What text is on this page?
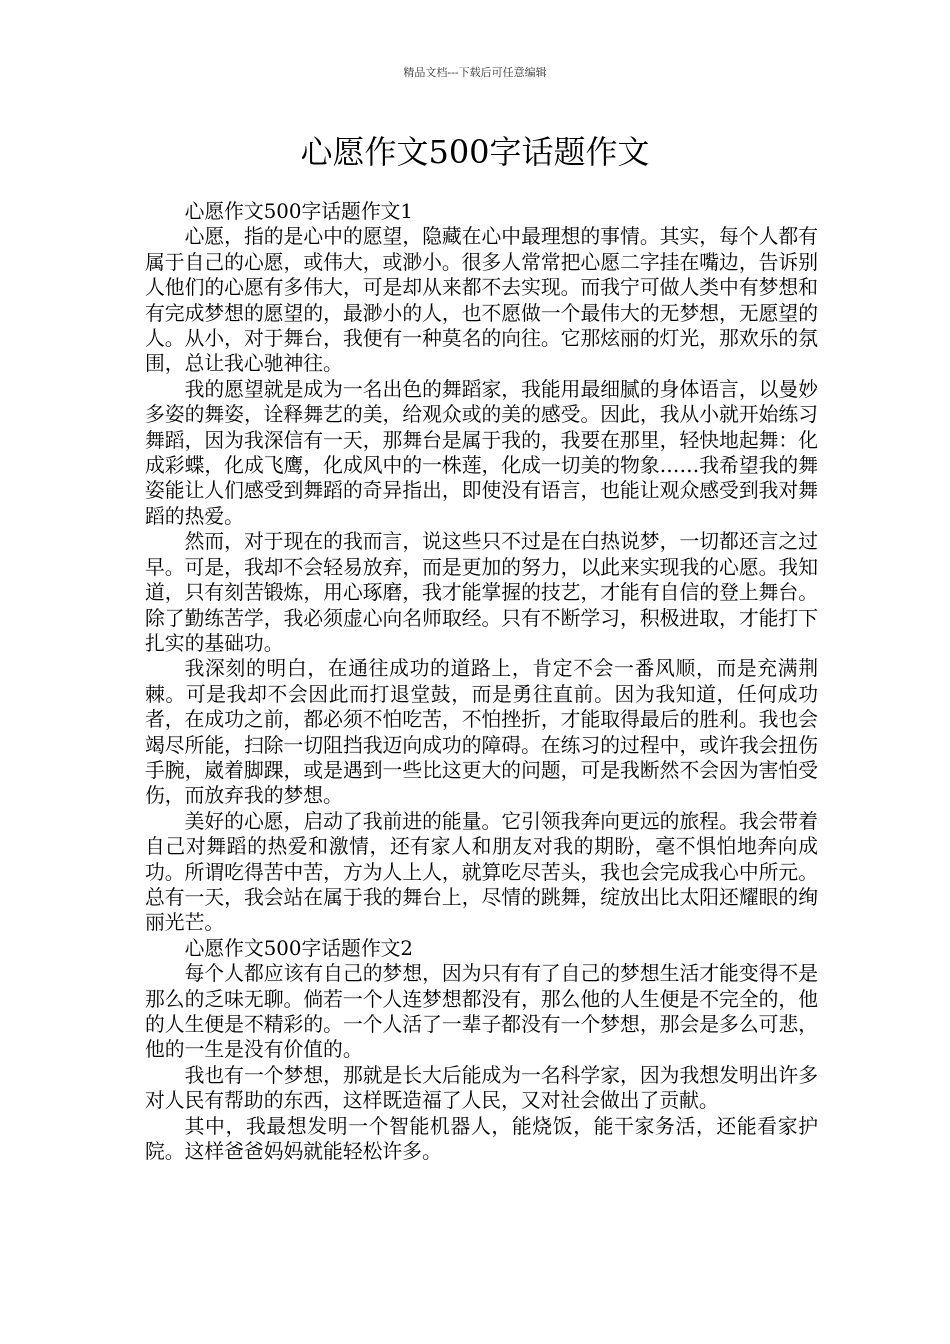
精品文档---下载后可任意编辑
心愿作文500字话题作文

心愿作文500字话题作文1

心愿，指的是心中的愿望，隐藏在心中最理想的事情。其实，每个人都有属于自己的心愿，或伟大，或渺小。很多人常常把心愿二字挂在嘴边，告诉别人他们的心愿有多伟大，可是却从来都不去实现。而我宁可做人类中有梦想和有完成梦想的愿望的，最渺小的人，也不愿做一个最伟大的无梦想，无愿望的人。从小，对于舞台，我便有一种莫名的向往。它那炫丽的灯光，那欢乐的氛围，总让我心驰神往。

我的愿望就是成为一名出色的舞蹈家，我能用最细腻的身体语言，以曼妙多姿的舞姿，诠释舞艺的美，给观众或的美的感受。因此，我从小就开始练习舞蹈，因为我深信有一天，那舞台是属于我的，我要在那里，轻快地起舞：化成彩蝶，化成飞鹰，化成风中的一株莲，化成一切美的物象……我希望我的舞姿能让人们感受到舞蹈的奇异指出，即使没有语言，也能让观众感受到我对舞蹈的热爱。

然而，对于现在的我而言，说这些只不过是在白热说梦，一切都还言之过早。可是，我却不会轻易放弃，而是更加的努力，以此来实现我的心愿。我知道，只有刻苦锻炼，用心琢磨，我才能掌握的技艺，才能有自信的登上舞台。除了勤练苦学，我必须虚心向名师取经。只有不断学习，积极进取，才能打下扎实的基础功。

我深刻的明白，在通往成功的道路上，肯定不会一番风顺，而是充满荆棘。可是我却不会因此而打退堂鼓，而是勇往直前。因为我知道，任何成功者，在成功之前，都必须不怕吃苦，不怕挫折，才能取得最后的胜利。我也会竭尽所能，扫除一切阻挡我迈向成功的障碍。在练习的过程中，或许我会扭伤手腕，崴着脚踝，或是遇到一些比这更大的问题，可是我断然不会因为害怕受伤，而放弃我的梦想。

美好的心愿，启动了我前进的能量。它引领我奔向更远的旅程。我会带着自己对舞蹈的热爱和激情，还有家人和朋友对我的期盼，毫不惧怕地奔向成功。所谓吃得苦中苦，方为人上人，就算吃尽苦头，我也会完成我心中所元。总有一天，我会站在属于我的舞台上，尽情的跳舞，绽放出比太阳还耀眼的绚丽光芒。

心愿作文500字话题作文2

每个人都应该有自己的梦想，因为只有有了自己的梦想生活才能变得不是那么的乏味无聊。倘若一个人连梦想都没有，那么他的人生便是不完全的，他的人生便是不精彩的。一个人活了一辈子都没有一个梦想，那会是多么可悲，他的一生是没有价值的。

我也有一个梦想，那就是长大后能成为一名科学家，因为我想发明出许多对人民有帮助的东西，这样既造福了人民，又对社会做出了贡献。

其中，我最想发明一个智能机器人，能烧饭，能干家务活，还能看家护院。这样爸爸妈妈就能轻松许多。
